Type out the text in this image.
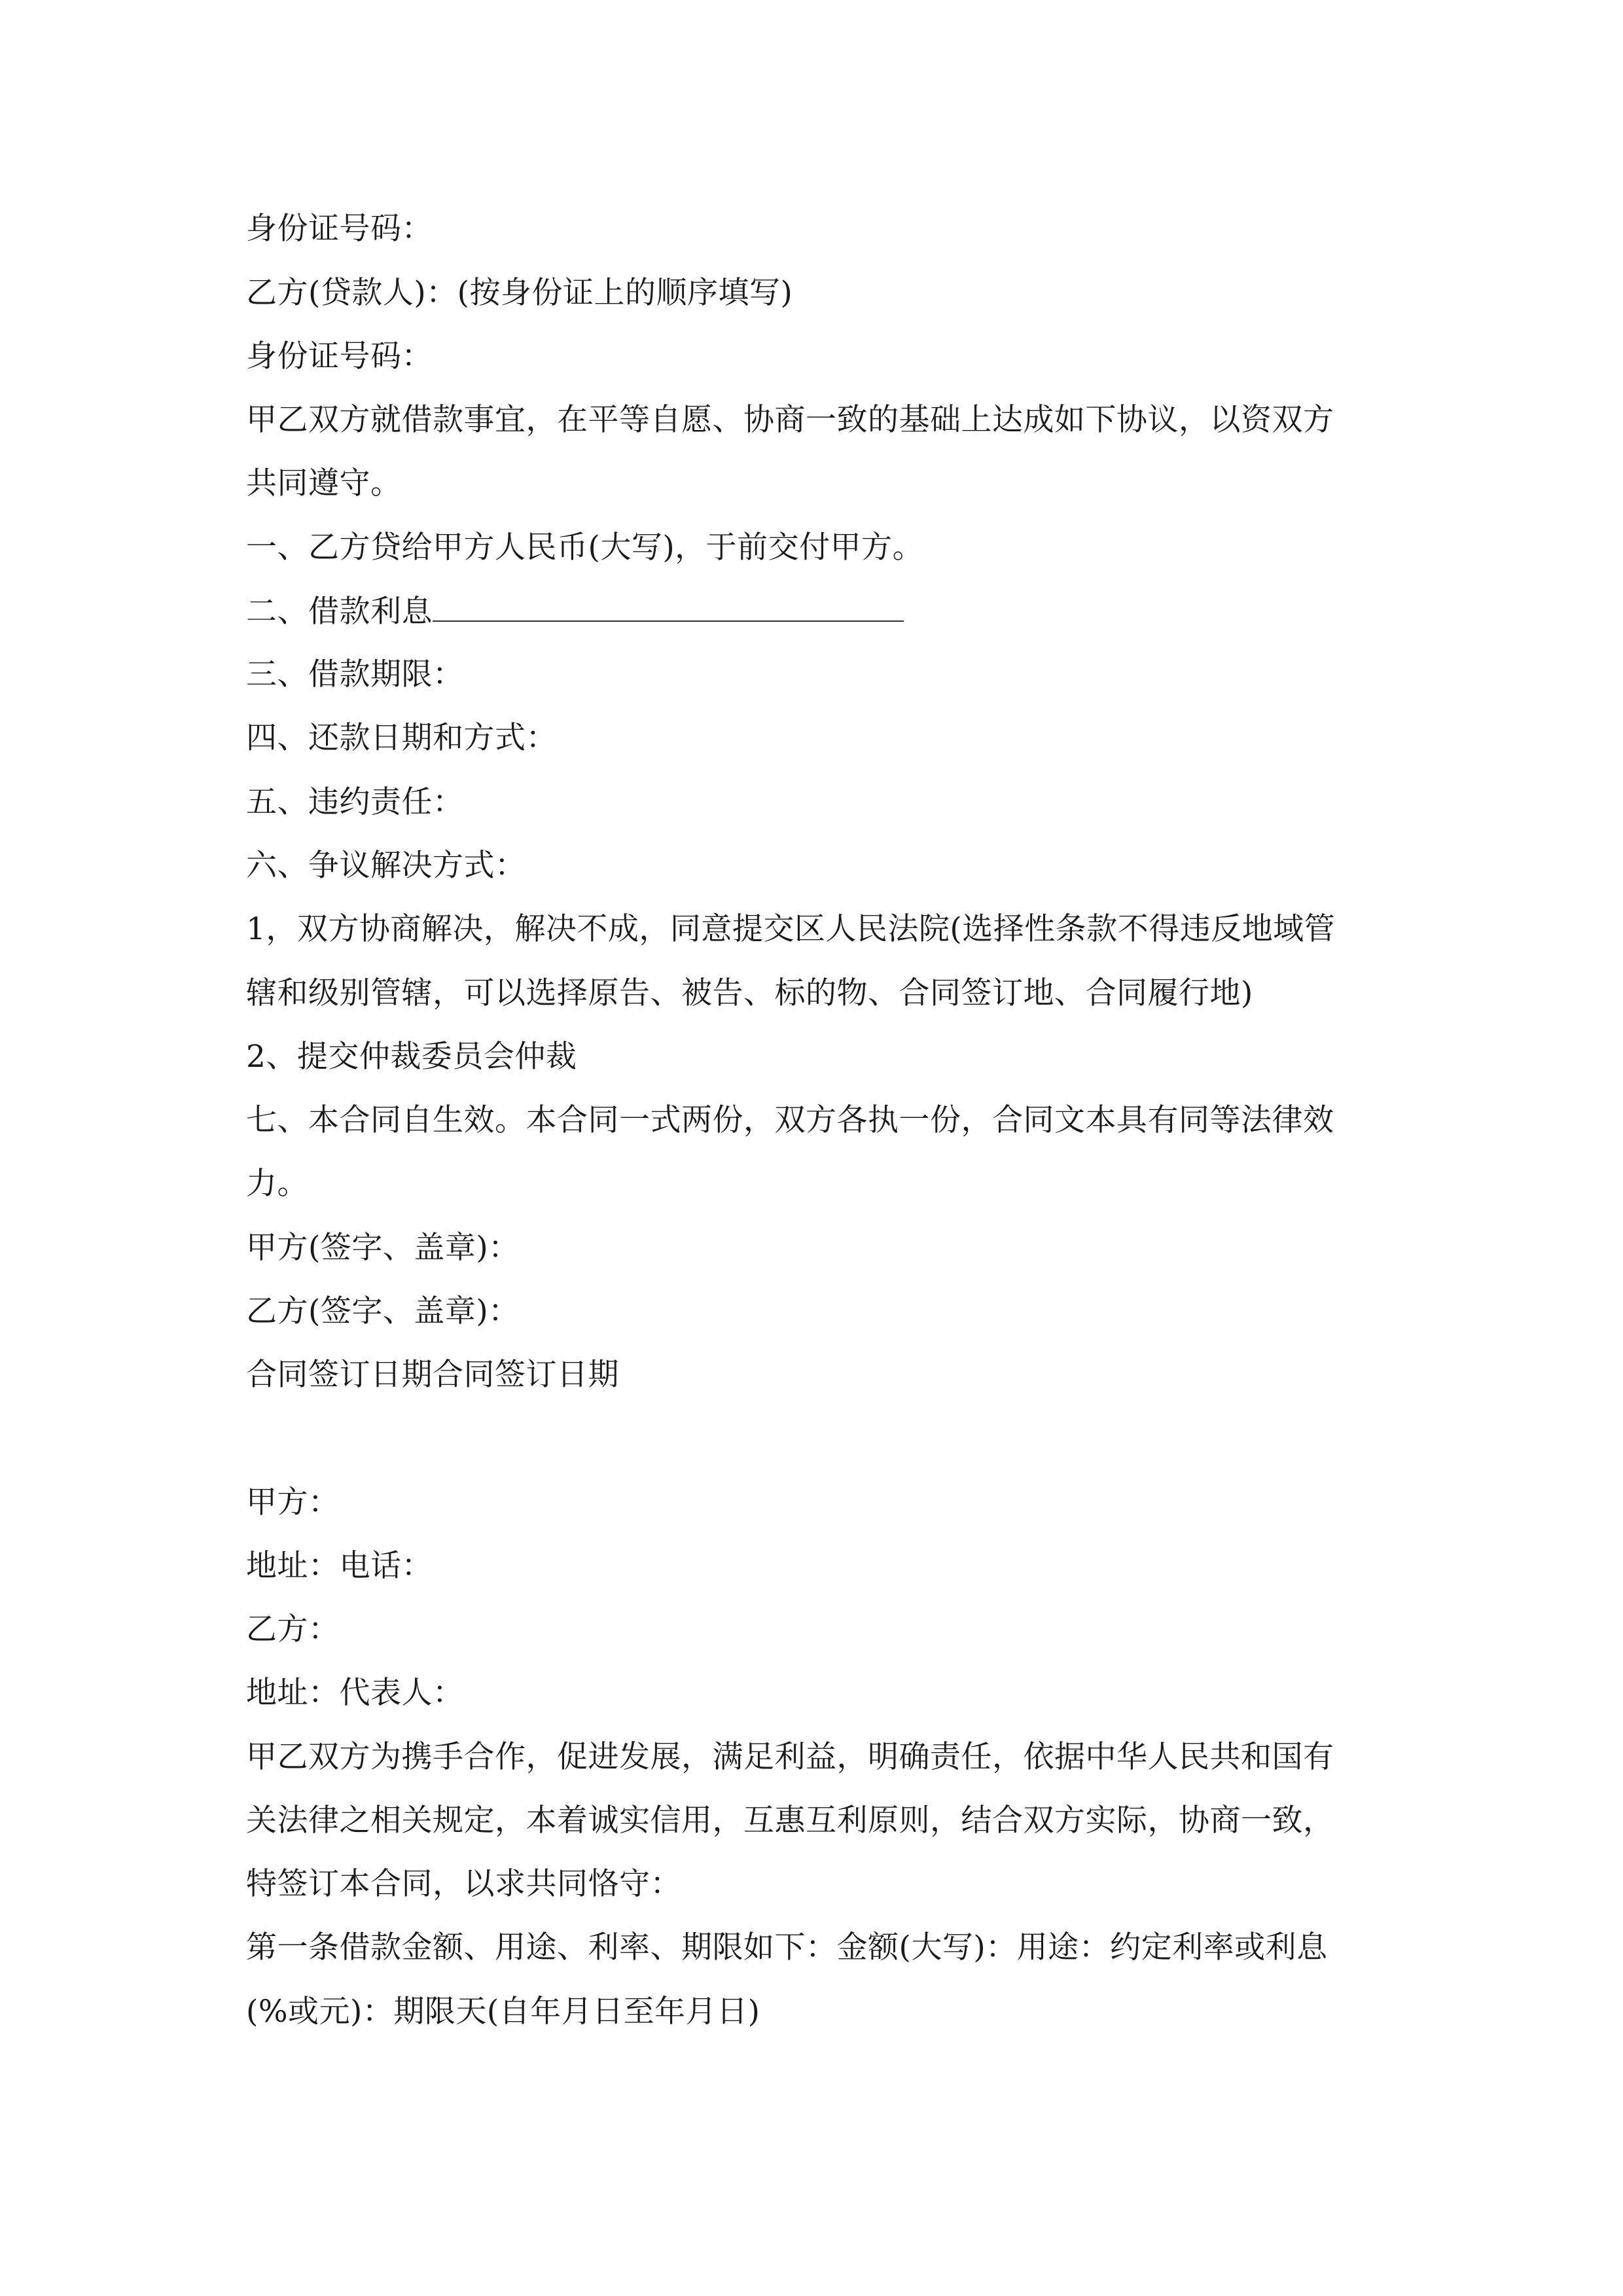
身份证号码：
乙方(贷款人)：(按身份证上的顺序填写)
身份证号码：
甲乙双方就借款事宜，在平等自愿、协商一致的基础上达成如下协议，以资双方
共同遵守。
一、乙方贷给甲方人民币(大写)，于前交付甲方。
二、借款利息
三、借款期限：
四、还款日期和方式：
五、违约责任：
六、争议解决方式：
1，双方协商解决，解决不成，同意提交区人民法院(选择性条款不得违反地域管
辖和级别管辖，可以选择原告、被告、标的物、合同签订地、合同履行地)
2、提交仲裁委员会仲裁
七、本合同自生效。本合同一式两份，双方各执一份，合同文本具有同等法律效
力。
甲方(签字、盖章)：
乙方(签字、盖章)：
合同签订日期合同签订日期
甲方：
地址：电话：
乙方：
地址：代表人：
甲乙双方为携手合作，促进发展，满足利益，明确责任，依据中华人民共和国有
关法律之相关规定，本着诚实信用，互惠互利原则，结合双方实际，协商一致，
特签订本合同，以求共同恪守：
第一条借款金额、用途、利率、期限如下：金额(大写)：用途：约定利率或利息
(%或元)：期限天(自年月日至年月日)
